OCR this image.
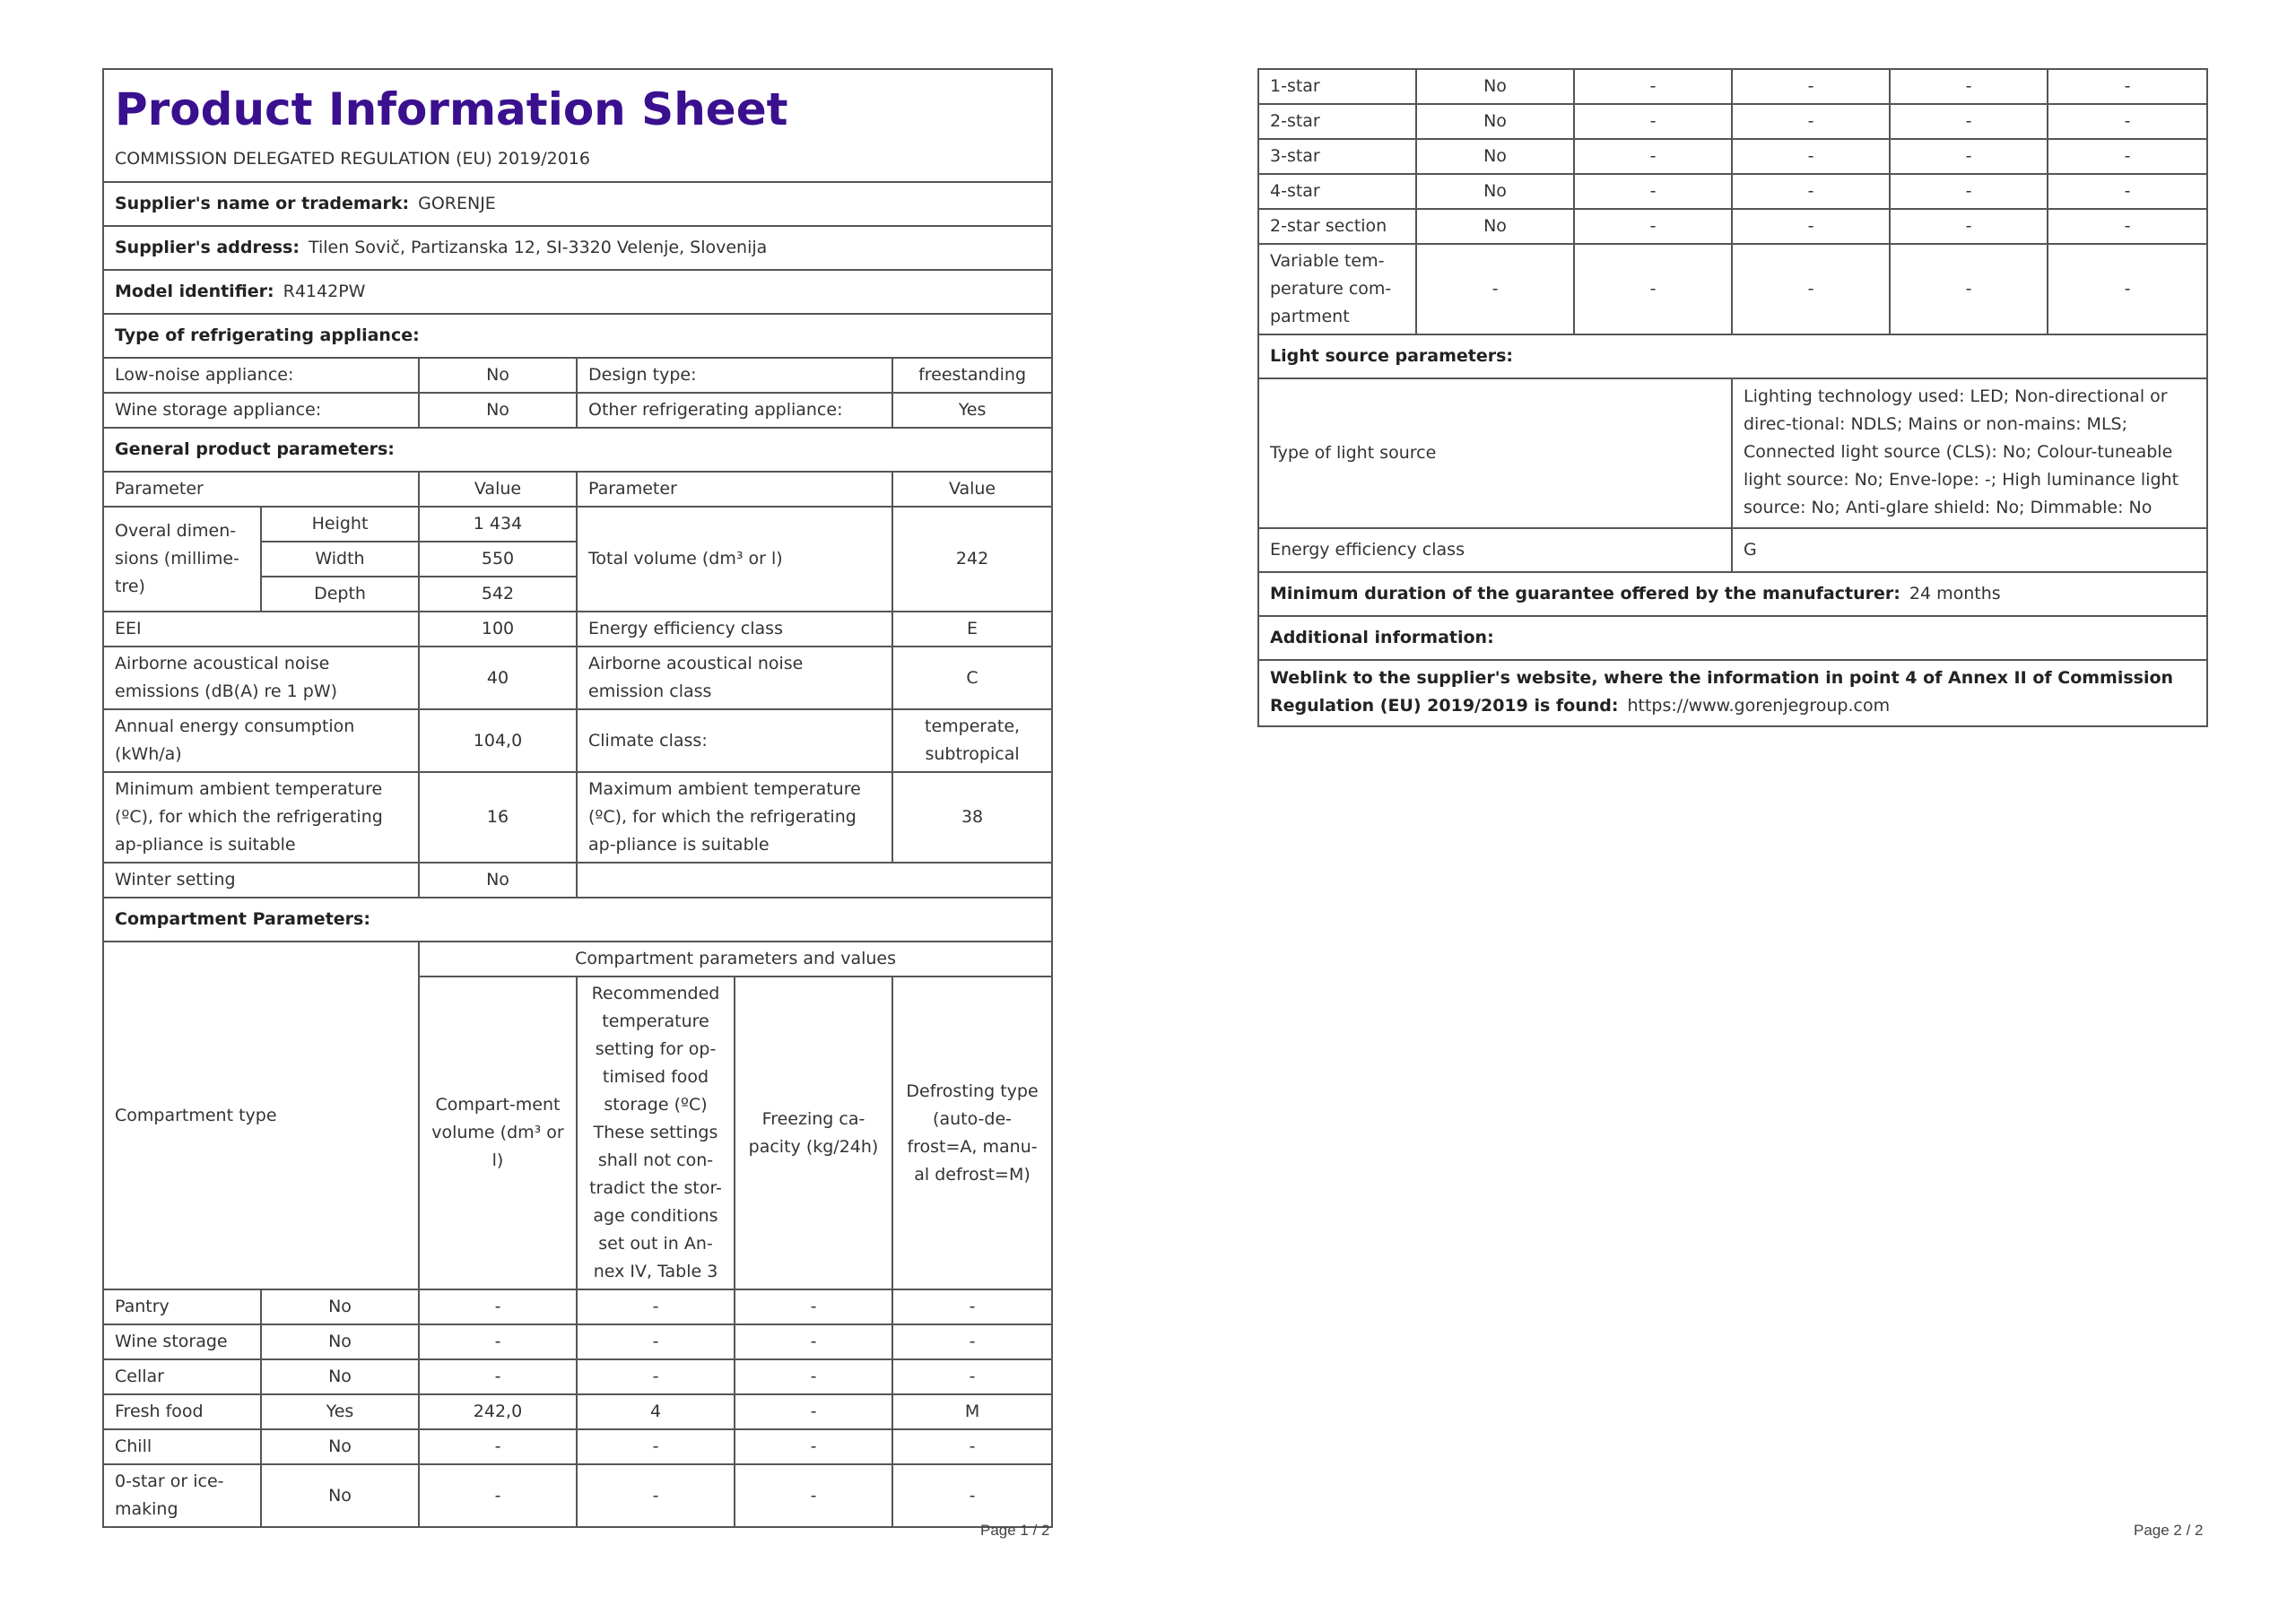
Product Information Sheet
COMMISSION DELEGATED REGULATION (EU) 2019/2016					

Supplier's name or trademark: GORENJE					
Supplier's address: Tilen Sovič, Partizanska 12, SI-3320 Velenje, Slovenija					
Model identifier: R4142PW					
Type of refrigerating appliance:					
Low-noise appliance:		No	Design type:		freestanding
Wine storage appliance:		No	Other refrigerating appliance:		Yes
General product parameters:					
Parameter		Value	Parameter		Value
Overal dimen-sions (millime-tre)	Height	1 434	Total volume (dm³ or l)		242
	Width	550			
	Depth	542			
EEI		100	Energy efficiency class		E
Airborne acoustical noise emissions (dB(A) re 1 pW)		40	Airborne acoustical noise emission class		C
Annual energy consumption (kWh/a)		104,0	Climate class:		temperate, subtropical
Minimum ambient temperature (ºC), for which the refrigerating ap-pliance is suitable		16	Maximum ambient temperature (ºC), for which the refrigerating ap-pliance is suitable		38
Winter setting		No			
Compartment Parameters:					
Compartment type		Compartment parameters and values			
		Compart-ment volume (dm³ or l)	Recommended temperature setting for op-timised food storage (ºC) These settings shall not con-tradict the stor-age conditions set out in An-nex IV, Table 3	Freezing ca-pacity (kg/24h)	Defrosting type (auto-de-frost=A, manu-al defrost=M)
Pantry	No	-	-	-	-
Wine storage	No	-	-	-	-
Cellar	No	-	-	-	-
Fresh food	Yes	242,0	4	-	M
Chill	No	-	-	-	-
0-star or ice-making	No	-	-	-	-
Page 1 / 2
1-star	No	-	-	-	-
2-star	No	-	-	-	-
3-star	No	-	-	-	-
4-star	No	-	-	-	-
2-star section	No	-	-	-	-
Variable tem-perature com-partment	-	-	-	-	-
Light source parameters:					
Type of light source			Lighting technology used: LED; Non-directional or direc-tional: NDLS; Mains or non-mains: MLS; Connected light source (CLS): No; Colour-tuneable light source: No; Enve-lope: -; High luminance light source: No; Anti-glare shield: No; Dimmable: No		
Energy efficiency class			G		
Minimum duration of the guarantee offered by the manufacturer: 24 months					
Additional information:					
Weblink to the supplier's website, where the information in point 4 of Annex II of Commission Regulation (EU) 2019/2019 is found: https://www.gorenjegroup.com					
Page 2 / 2
